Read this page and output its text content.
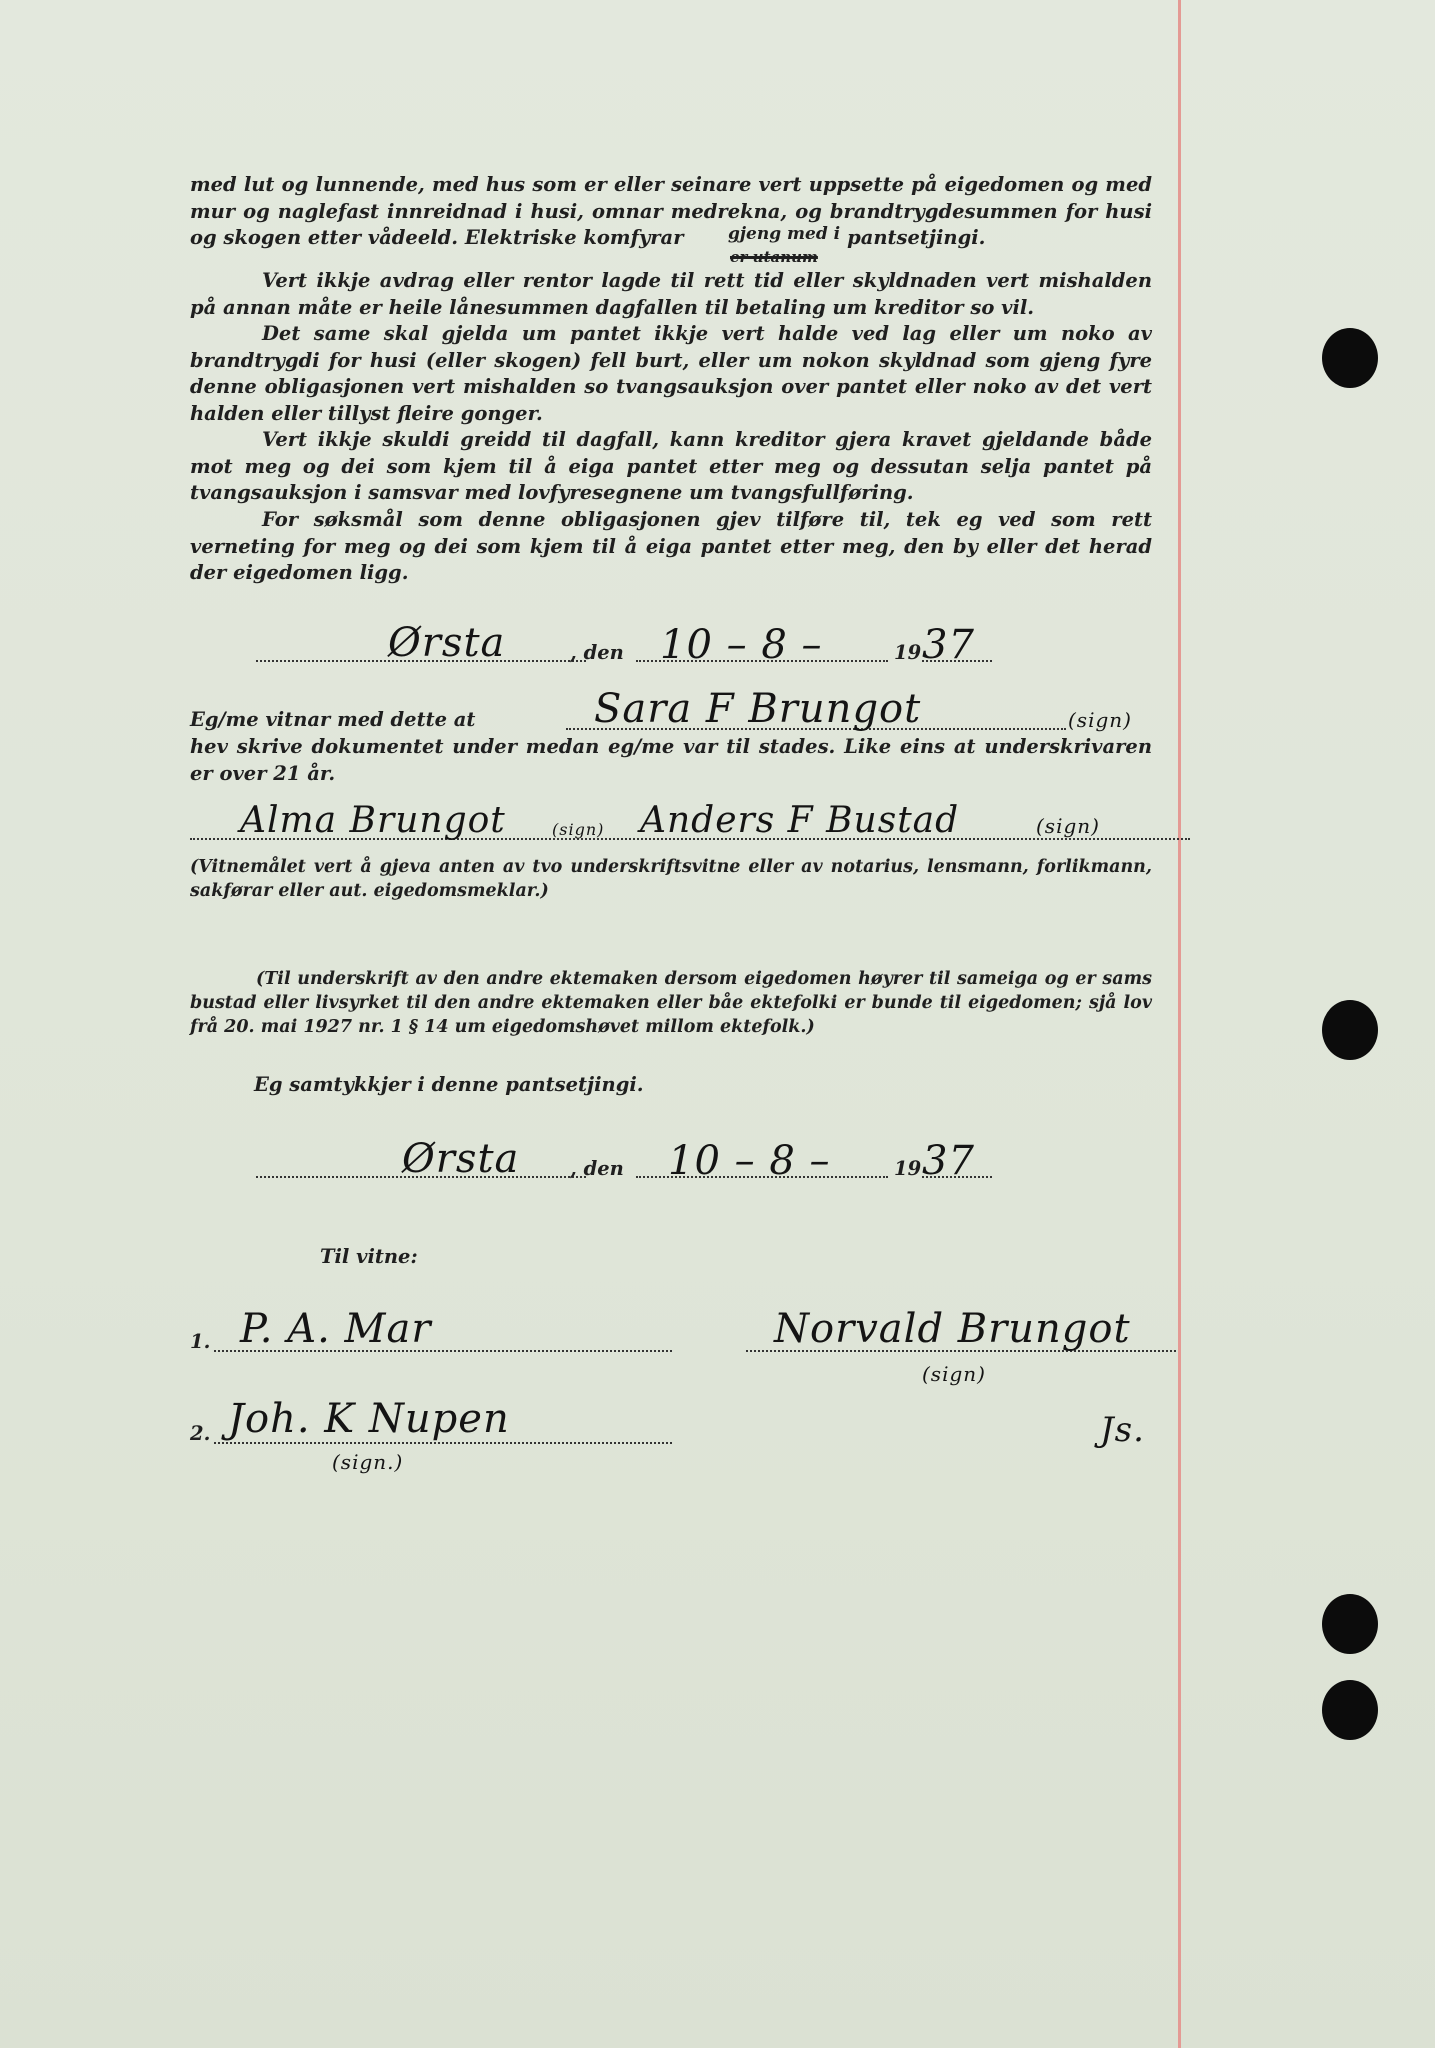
med lut og lunnende, med hus som er eller seinare vert uppsette på eigedomen og med mur og naglefast innreidnad i husi, omnar medrekna, og brandtrygdesummen for husi og skogen etter vådeeld. Elektriske komfyrar	pantsetjingi.

gjeng med i
er utanum

Vert ikkje avdrag eller rentor lagde til rett tid eller skyldnaden vert mishalden på annan måte er heile lånesummen dagfallen til betaling um kreditor so vil.

Det same skal gjelda um pantet ikkje vert halde ved lag eller um noko av brandtrygdi for husi (eller skogen) fell burt, eller um nokon skyldnad som gjeng fyre denne obligasjonen vert mishalden so tvangsauksjon over pantet eller noko av det vert halden eller tillyst fleire gonger.

Vert ikkje skuldi greidd til dagfall, kann kreditor gjera kravet gjeldande både mot meg og dei som kjem til å eiga pantet etter meg og dessutan selja pantet på tvangsauksjon i samsvar med lovfyresegnene um tvangsfullføring.

For søksmål som denne obligasjonen gjev tilføre til, tek eg ved som rett verneting for meg og dei som kjem til å eiga pantet etter meg, den by eller det herad der eigedomen ligg.

Ørsta	, den 10 – 8 –	19 37
Eg/me vitnar med dette at	Sara F Brungot	(sign)

hev skrive dokumentet under medan eg/me var til stades. Like eins at underskrivaren er over 21 år.

Alma Brungot	(sign) Anders F Bustad	(sign)

(Vitnemålet vert å gjeva anten av tvo underskriftsvitne eller av notarius, lensmann, forlikmann, sakførar eller aut. eigedomsmeklar.)

(Til underskrift av den andre ektemaken dersom eigedomen høyrer til sameiga og er sams bustad eller livsyrket til den andre ektemaken eller båe ektefolki er bunde til eigedomen; sjå lov frå 20. mai 1927 nr. 1 § 14 um eigedomshøvet millom ektefolk.)

Eg samtykkjer i denne pantsetjingi.
Ørsta	, den 10 – 8 –	19 37
Til vitne:
1. P. A. Mar
2. Joh. K Nupen
(sign.)
Norvald Brungot
(sign)
Js.
